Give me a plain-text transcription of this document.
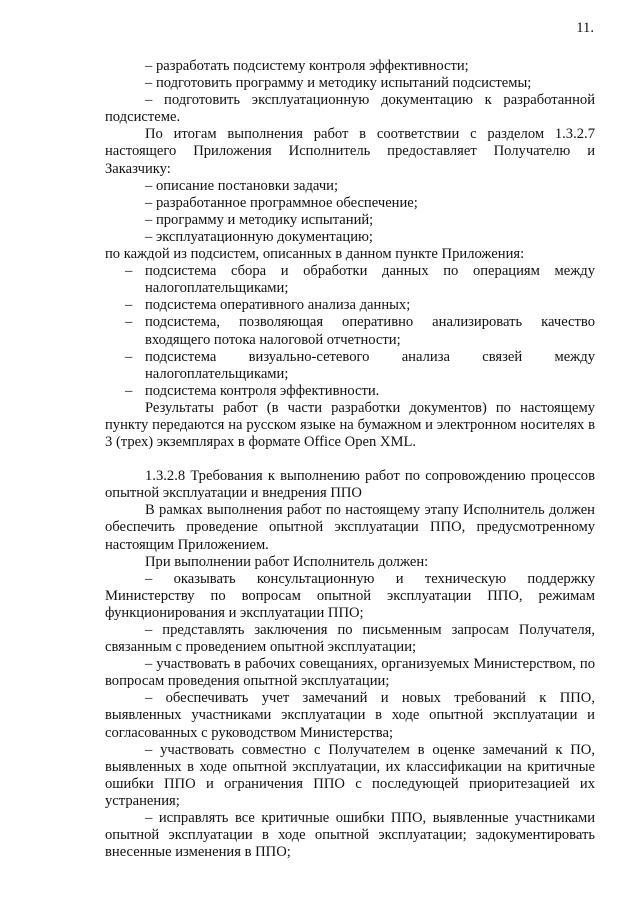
11.

– разработать подсистему контроля эффективности;

– подготовить программу и методику испытаний подсистемы;

– подготовить эксплуатационную документацию к разработанной подсистеме.

По итогам выполнения работ в соответствии с разделом 1.3.2.7 настоящего Приложения Исполнитель предоставляет Получателю и Заказчику:

– описание постановки задачи;

– разработанное программное обеспечение;

– программу и методику испытаний;

– эксплуатационную документацию;

по каждой из подсистем, описанных в данном пункте Приложения:

– подсистема сбора и обработки данных по операциям между налогоплательщиками;
– подсистема оперативного анализа данных;
– подсистема, позволяющая оперативно анализировать качество входящего потока налоговой отчетности;
– подсистема визуально-сетевого анализа связей между налогоплательщиками;
– подсистема контроля эффективности.

Результаты работ (в части разработки документов) по настоящему пункту передаются на русском языке на бумажном и электронном носителях в 3 (трех) экземплярах в формате Office Open XML.

1.3.2.8 Требования к выполнению работ по сопровождению процессов опытной эксплуатации и внедрения ППО

В рамках выполнения работ по настоящему этапу Исполнитель должен обеспечить проведение опытной эксплуатации ППО, предусмотренному настоящим Приложением.

При выполнении работ Исполнитель должен:

– оказывать консультационную и техническую поддержку Министерству по вопросам опытной эксплуатации ППО, режимам функционирования и эксплуатации ППО;

– представлять заключения по письменным запросам Получателя, связанным с проведением опытной эксплуатации;

– участвовать в рабочих совещаниях, организуемых Министерством, по вопросам проведения опытной эксплуатации;

– обеспечивать учет замечаний и новых требований к ППО, выявленных участниками эксплуатации в ходе опытной эксплуатации и согласованных с руководством Министерства;

– участвовать совместно с Получателем в оценке замечаний к ПО, выявленных в ходе опытной эксплуатации, их классификации на критичные ошибки ППО и ограничения ППО с последующей приоритезацией их устранения;

– исправлять все критичные ошибки ППО, выявленные участниками опытной эксплуатации в ходе опытной эксплуатации; задокументировать внесенные изменения в ППО;
